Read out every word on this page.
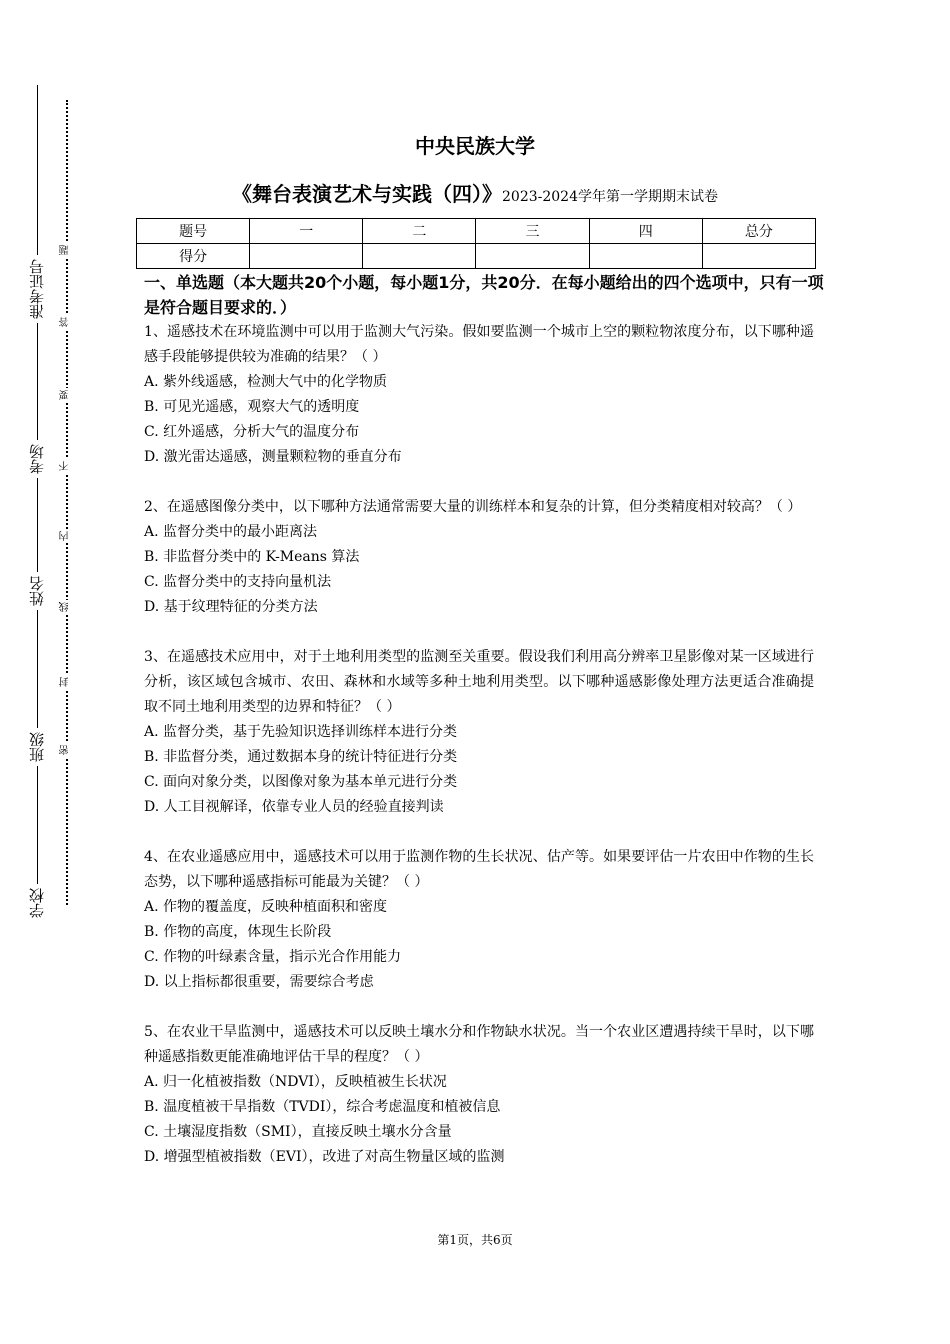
准考证号
考场
姓名
班级
学校
题
答
要
不
内
线
封
密
中央民族大学
《舞台表演艺术与实践（四）》2023-2024学年第一学期期末试卷
题号	一	二	三	四	总分
得分					
一、单选题（本大题共20个小题，每小题1分，共20分．在每小题给出的四个选项中，只有一项是符合题目要求的．）
1、遥感技术在环境监测中可以用于监测大气污染。假如要监测一个城市上空的颗粒物浓度分布，以下哪种遥感手段能够提供较为准确的结果？（ ）
A. 紫外线遥感，检测大气中的化学物质
B. 可见光遥感，观察大气的透明度
C. 红外遥感，分析大气的温度分布
D. 激光雷达遥感，测量颗粒物的垂直分布
2、在遥感图像分类中，以下哪种方法通常需要大量的训练样本和复杂的计算，但分类精度相对较高？（ ）
A. 监督分类中的最小距离法
B. 非监督分类中的 K-Means 算法
C. 监督分类中的支持向量机法
D. 基于纹理特征的分类方法
3、在遥感技术应用中，对于土地利用类型的监测至关重要。假设我们利用高分辨率卫星影像对某一区域进行分析，该区域包含城市、农田、森林和水域等多种土地利用类型。以下哪种遥感影像处理方法更适合准确提取不同土地利用类型的边界和特征？（ ）
A. 监督分类，基于先验知识选择训练样本进行分类
B. 非监督分类，通过数据本身的统计特征进行分类
C. 面向对象分类，以图像对象为基本单元进行分类
D. 人工目视解译，依靠专业人员的经验直接判读
4、在农业遥感应用中，遥感技术可以用于监测作物的生长状况、估产等。如果要评估一片农田中作物的生长态势，以下哪种遥感指标可能最为关键？（ ）
A. 作物的覆盖度，反映种植面积和密度
B. 作物的高度，体现生长阶段
C. 作物的叶绿素含量，指示光合作用能力
D. 以上指标都很重要，需要综合考虑
5、在农业干旱监测中，遥感技术可以反映土壤水分和作物缺水状况。当一个农业区遭遇持续干旱时，以下哪种遥感指数更能准确地评估干旱的程度？（ ）
A. 归一化植被指数（NDVI），反映植被生长状况
B. 温度植被干旱指数（TVDI），综合考虑温度和植被信息
C. 土壤湿度指数（SMI），直接反映土壤水分含量
D. 增强型植被指数（EVI），改进了对高生物量区域的监测
第1页，共6页
